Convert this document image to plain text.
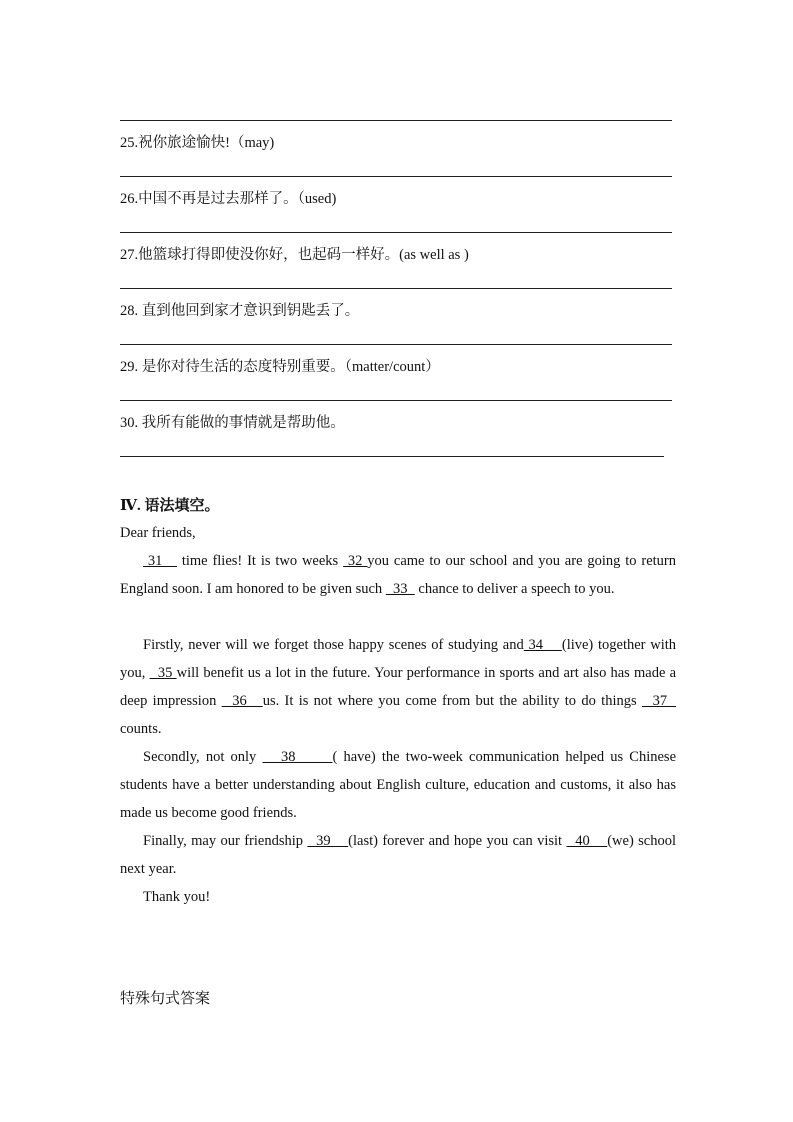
25.祝你旅途愉快!（may)
26.中国不再是过去那样了。（used)
27.他篮球打得即使没你好，也起码一样好。(as well as )
28. 直到他回到家才意识到钥匙丢了。
29. 是你对待生活的态度特别重要。（matter/count）
30. 我所有能做的事情就是帮助他。
Ⅳ. 语法填空。
Dear friends,
31    time flies! It is two weeks  32 you came to our school and you are going to return England soon. I am honored to be given such   33   chance to deliver a speech to you.
Firstly, never will we forget those happy scenes of studying and 34    (live) together with you,   35 will benefit us a lot in the future. Your performance in sports and art also has made a deep impression   36   us. It is not where you come from but the ability to do things   37   counts.
Secondly, not only    38      ( have) the two-week communication helped us Chinese students have a better understanding about English culture, education and customs, it also has made us become good friends.
Finally, may our friendship   39    (last) forever and hope you can visit   40    (we) school next year.
Thank you!
特殊句式答案
